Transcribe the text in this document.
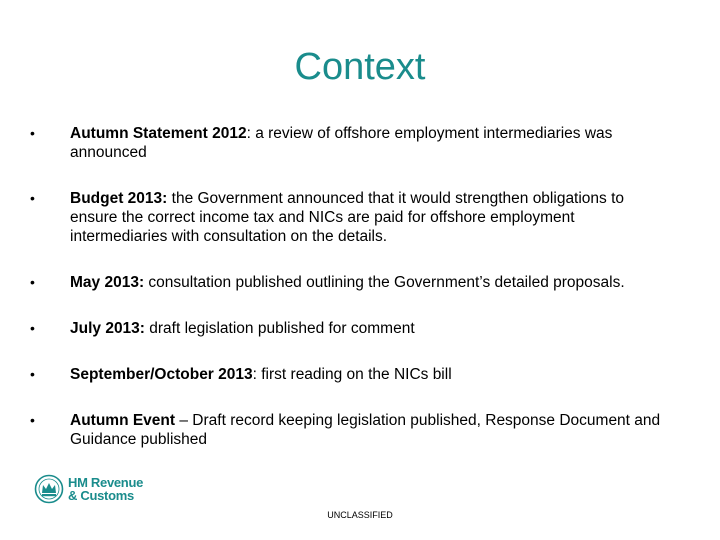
Context
• Autumn Statement 2012: a review of offshore employment intermediaries was announced
• Budget 2013: the Government announced that it would strengthen obligations to ensure the correct income tax and NICs are paid for offshore employment intermediaries with consultation on the details.
• May 2013: consultation published outlining the Government’s detailed proposals.
• July 2013: draft legislation published for comment
• September/October 2013: first reading on the NICs bill
• Autumn Event – Draft record keeping legislation published, Response Document and Guidance published
HM Revenue
& Customs
UNCLASSIFIED
